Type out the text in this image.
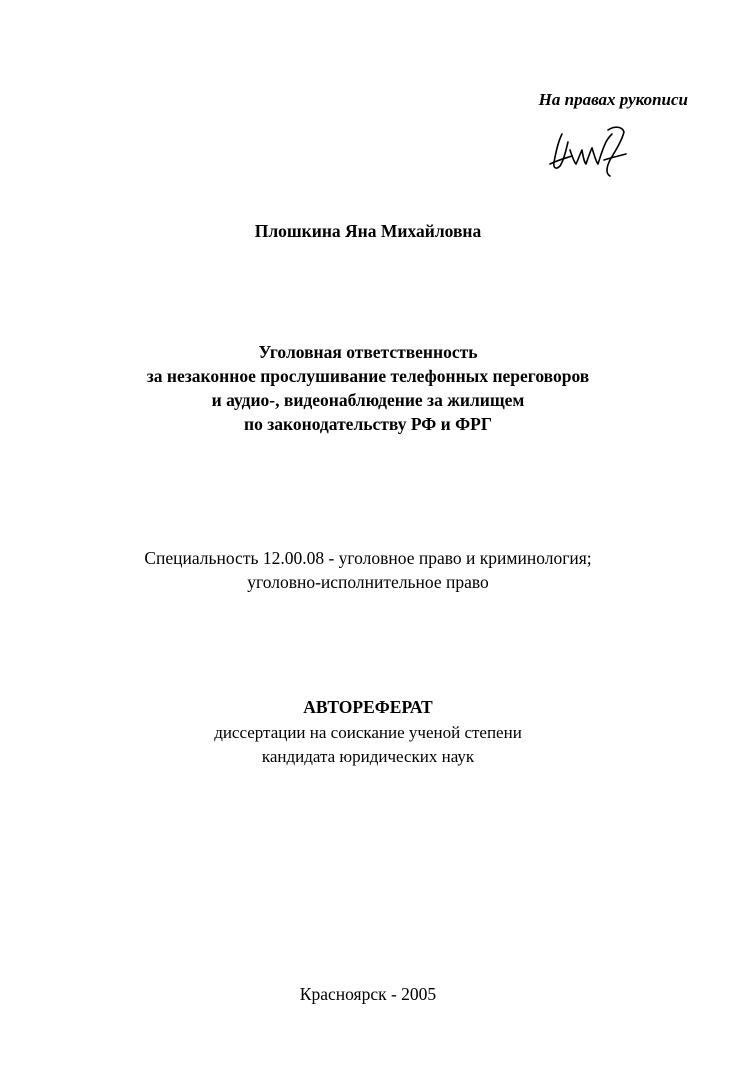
На правах рукописи
Плошкина Яна Михайловна
Уголовная ответственность
за незаконное прослушивание телефонных переговоров
и аудио-, видеонаблюдение за жилищем
по законодательству РФ и ФРГ
Специальность 12.00.08 - уголовное право и криминология;
уголовно-исполнительное право
АВТОРЕФЕРАТ
диссертации на соискание ученой степени
кандидата юридических наук
Красноярск - 2005
